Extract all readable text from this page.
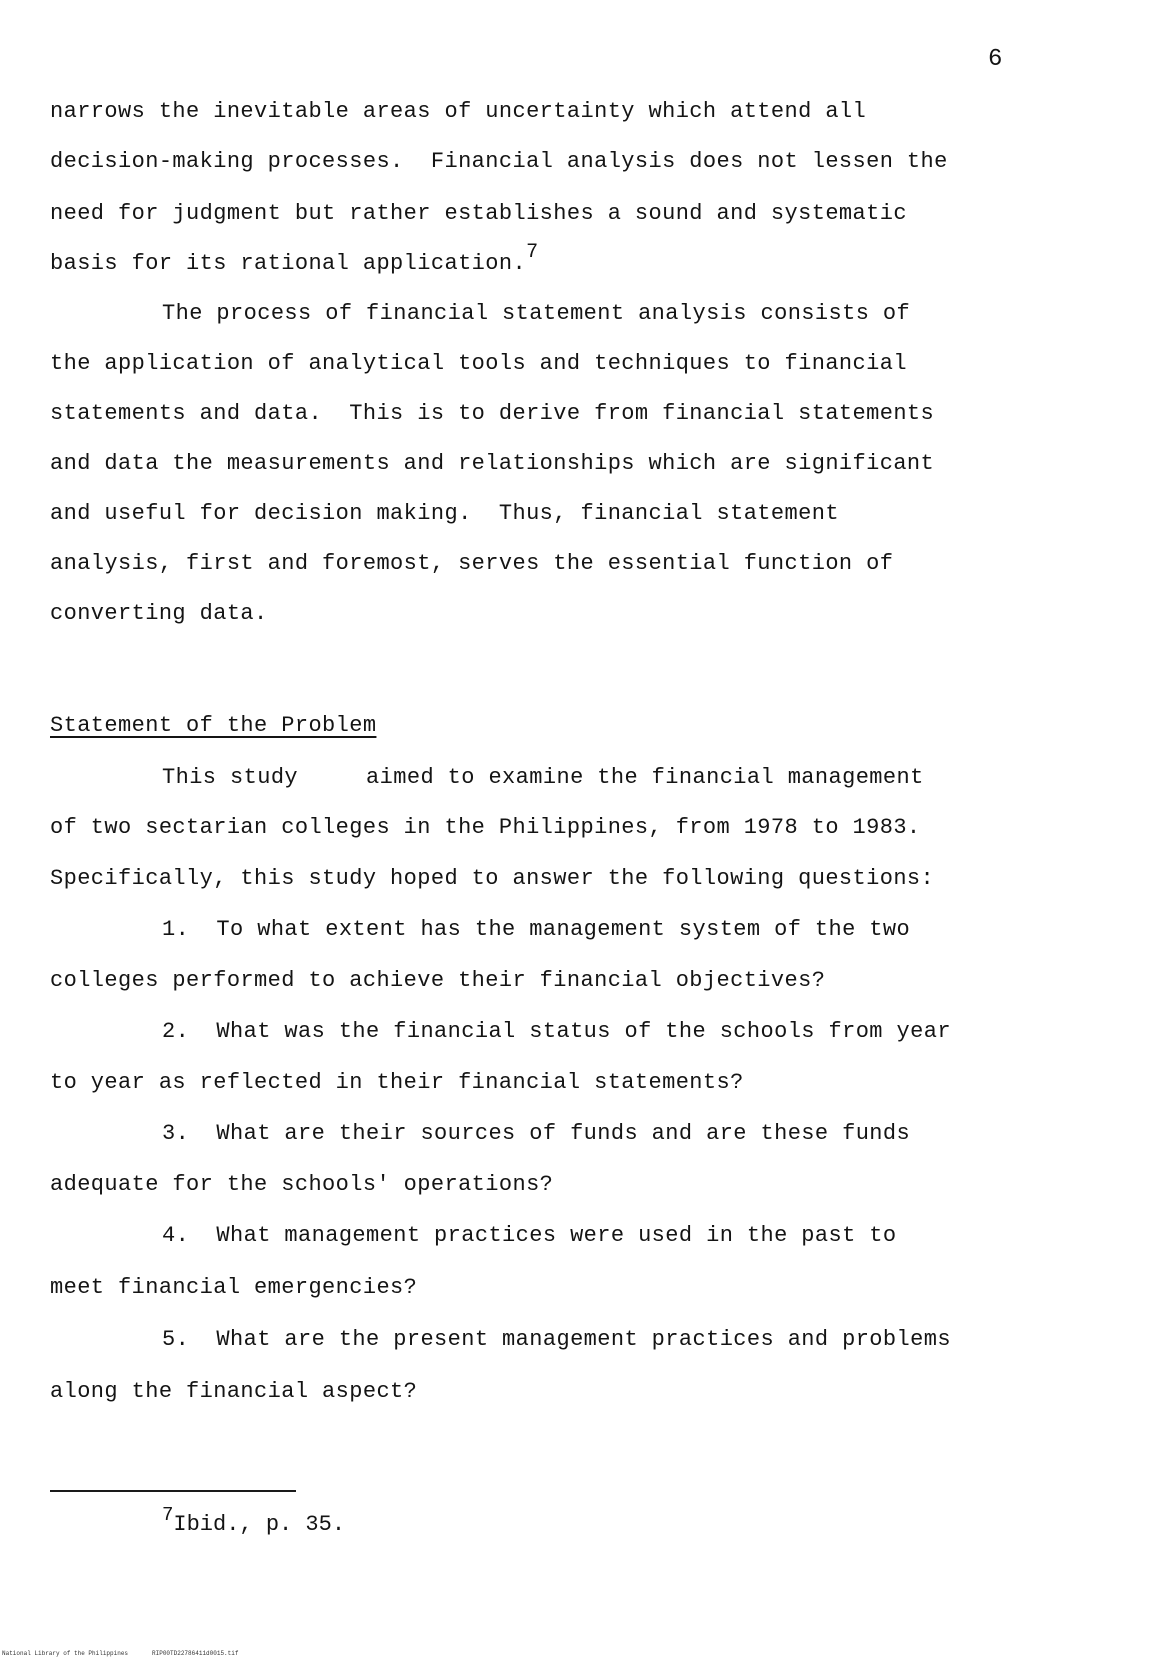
6
narrows the inevitable areas of uncertainty which attend all
decision-making processes.  Financial analysis does not lessen the
need for judgment but rather establishes a sound and systematic
basis for its rational application.7
The process of financial statement analysis consists of
the application of analytical tools and techniques to financial
statements and data.  This is to derive from financial statements
and data the measurements and relationships which are significant
and useful for decision making.  Thus, financial statement
analysis, first and foremost, serves the essential function of
converting data.
Statement of the Problem
This study     aimed to examine the financial management
of two sectarian colleges in the Philippines, from 1978 to 1983.
Specifically, this study hoped to answer the following questions:
1.  To what extent has the management system of the two
colleges performed to achieve their financial objectives?
2.  What was the financial status of the schools from year
to year as reflected in their financial statements?
3.  What are their sources of funds and are these funds
adequate for the schools' operations?
4.  What management practices were used in the past to
meet financial emergencies?
5.  What are the present management practices and problems
along the financial aspect?
7Ibid., p. 35.
National Library of the Philippines	RIP00TD22786411d0015.tif
